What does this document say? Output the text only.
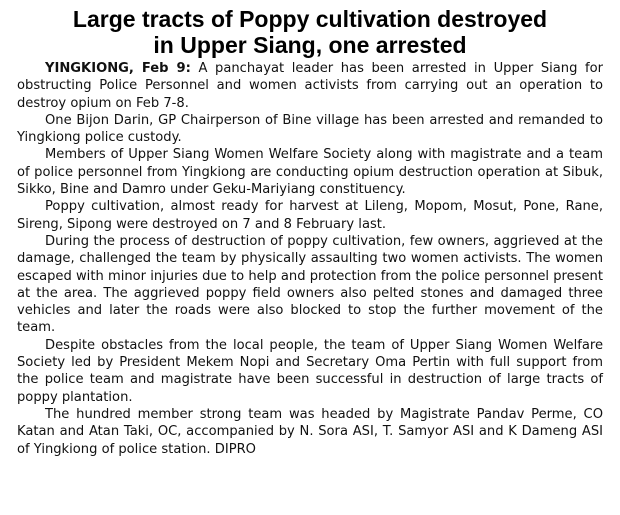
Large tracts of Poppy cultivation destroyed
in Upper Siang, one arrested

YINGKIONG, Feb 9: A panchayat leader has been arrested in Upper Siang for obstructing Police Personnel and women activists from carrying out an operation to destroy opium on Feb 7-8.

One Bijon Darin, GP Chairperson of Bine village has been arrested and remanded to Yingkiong police custody.

Members of Upper Siang Women Welfare Society along with magistrate and a team of police personnel from Yingkiong are conducting opium destruction operation at Sibuk, Sikko, Bine and Damro under Geku-Mariyiang constituency.

Poppy cultivation, almost ready for harvest at Lileng, Mopom, Mosut, Pone, Rane, Sireng, Sipong were destroyed on 7 and 8 February last.

During the process of destruction of poppy cultivation, few owners, aggrieved at the damage, challenged the team by physically assaulting two women activists. The women escaped with minor injuries due to help and protection from the police personnel present at the area. The aggrieved poppy field owners also pelted stones and damaged three vehicles and later the roads were also blocked to stop the further movement of the team.

Despite obstacles from the local people, the team of Upper Siang Women Welfare Society led by President Mekem Nopi and Secretary Oma Pertin with full support from the police team and magistrate have been successful in destruction of large tracts of poppy plantation.

The hundred member strong team was headed by Magistrate Pandav Perme, CO Katan and Atan Taki, OC, accompanied by N. Sora ASI, T. Samyor ASI and K Dameng ASI of Yingkiong of police station. DIPRO
